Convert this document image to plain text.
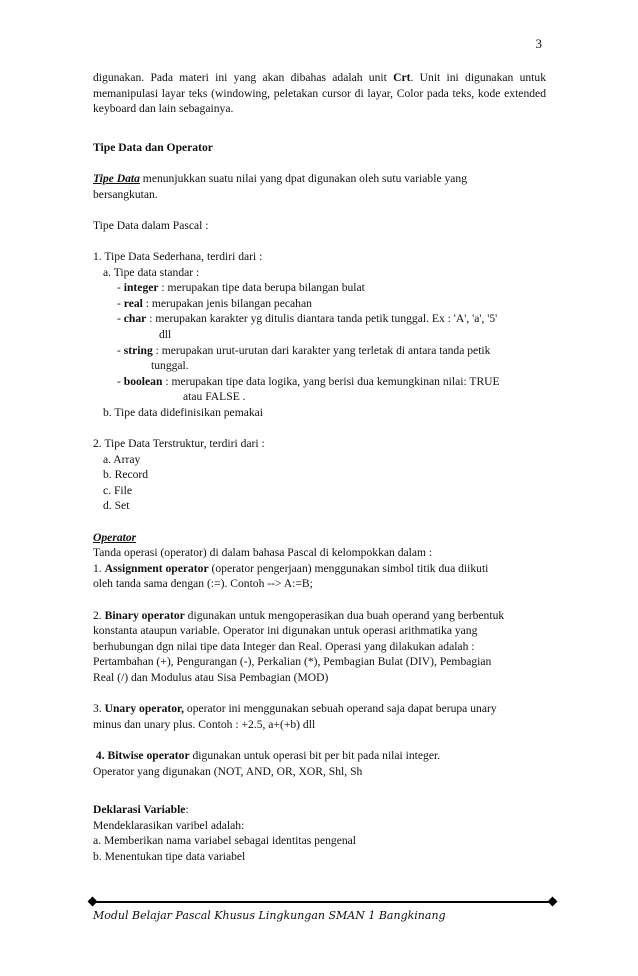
3

digunakan. Pada materi ini yang akan dibahas adalah unit Crt. Unit ini digunakan untuk memanipulasi layar teks (windowing, peletakan cursor di layar, Color pada teks, kode extended keyboard dan lain sebagainya.

Tipe Data dan Operator

Tipe Data menunjukkan suatu nilai yang dpat digunakan oleh sutu variable yang

bersangkutan.

Tipe Data dalam Pascal :

1. Tipe Data Sederhana, terdiri dari :

a. Tipe data standar :

- integer : merupakan tipe data berupa bilangan bulat

- real : merupakan jenis bilangan pecahan

- char : merupakan karakter yg ditulis diantara tanda petik tunggal. Ex : 'A', 'a', '5'

dll

- string : merupakan urut-urutan dari karakter yang terletak di antara tanda petik

tunggal.

- boolean : merupakan tipe data logika, yang berisi dua kemungkinan nilai: TRUE

atau FALSE .

b. Tipe data didefinisikan pemakai

2. Tipe Data Terstruktur, terdiri dari :

a. Array

b. Record

c. File

d. Set

Operator

Tanda operasi (operator) di dalam bahasa Pascal di kelompokkan dalam :

1. Assignment operator (operator pengerjaan) menggunakan simbol titik dua diikuti

oleh tanda sama dengan (:=). Contoh --> A:=B;

2. Binary operator digunakan untuk mengoperasikan dua buah operand yang berbentuk

konstanta ataupun variable. Operator ini digunakan untuk operasi arithmatika yang

berhubungan dgn nilai tipe data Integer dan Real. Operasi yang dilakukan adalah :

Pertambahan (+), Pengurangan (-), Perkalian (*), Pembagian Bulat (DIV), Pembagian

Real (/) dan Modulus atau Sisa Pembagian (MOD)

3. Unary operator, operator ini menggunakan sebuah operand saja dapat berupa unary

minus dan unary plus. Contoh : +2.5, a+(+b) dll

4. Bitwise operator digunakan untuk operasi bit per bit pada nilai integer.

Operator yang digunakan (NOT, AND, OR, XOR, Shl, Sh

Deklarasi Variable:

Mendeklarasikan varibel adalah:

a. Memberikan nama variabel sebagai identitas pengenal

b. Menentukan tipe data variabel

Modul Belajar Pascal Khusus Lingkungan SMAN 1 Bangkinang
